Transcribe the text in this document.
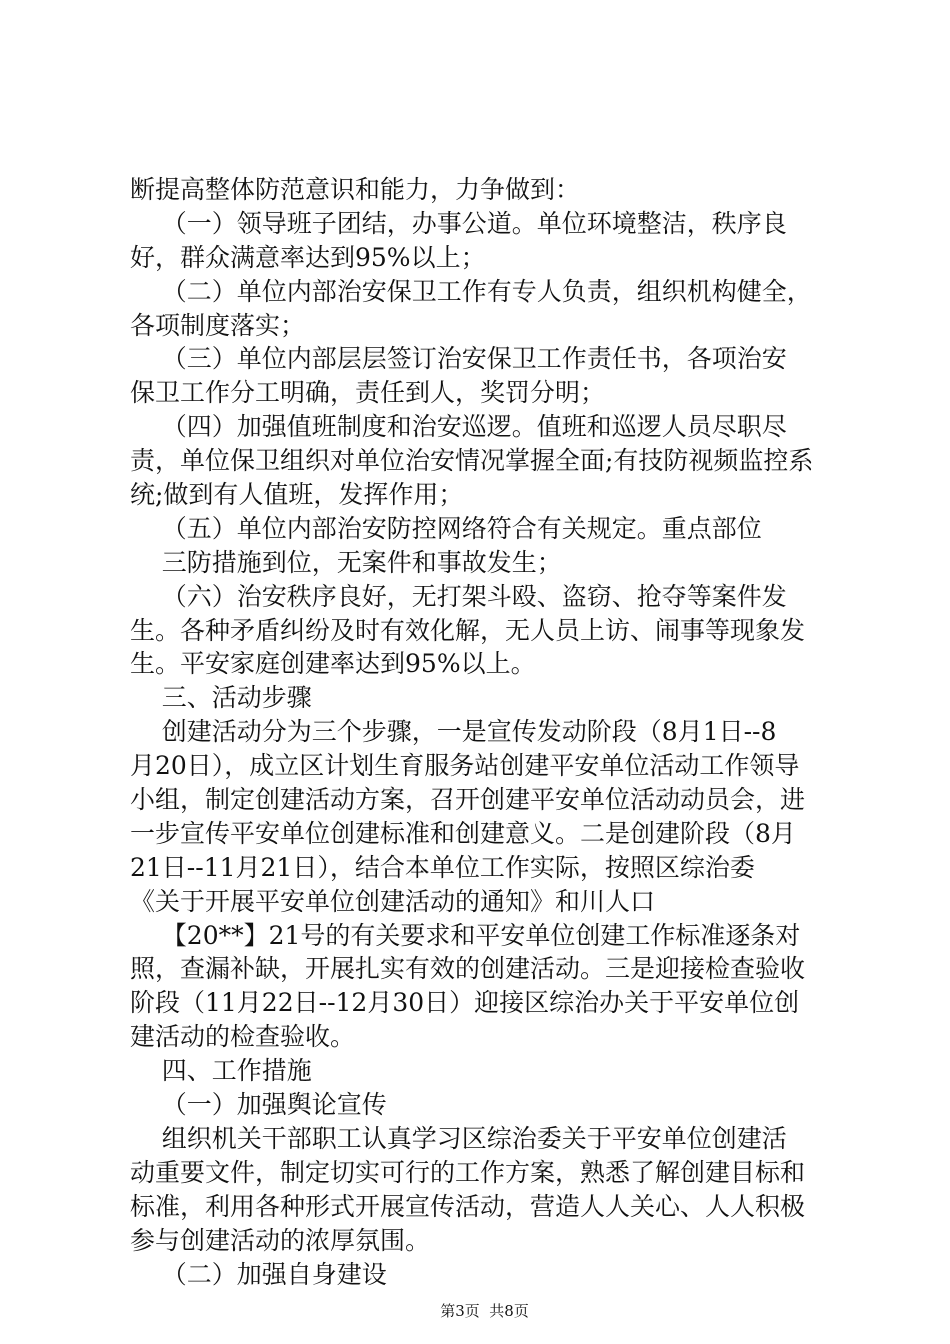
断提高整体防范意识和能力，力争做到：
（一）领导班子团结，办事公道。单位环境整洁，秩序良
好，群众满意率达到95%以上；
（二）单位内部治安保卫工作有专人负责，组织机构健全，
各项制度落实；
（三）单位内部层层签订治安保卫工作责任书，各项治安
保卫工作分工明确，责任到人，奖罚分明；
（四）加强值班制度和治安巡逻。值班和巡逻人员尽职尽
责，单位保卫组织对单位治安情况掌握全面;有技防视频监控系
统;做到有人值班，发挥作用；
（五）单位内部治安防控网络符合有关规定。重点部位
三防措施到位，无案件和事故发生；
（六）治安秩序良好，无打架斗殴、盗窃、抢夺等案件发
生。各种矛盾纠纷及时有效化解，无人员上访、闹事等现象发
生。平安家庭创建率达到95%以上。
三、活动步骤
创建活动分为三个步骤，一是宣传发动阶段（8月1日--8
月20日），成立区计划生育服务站创建平安单位活动工作领导
小组，制定创建活动方案，召开创建平安单位活动动员会，进
一步宣传平安单位创建标准和创建意义。二是创建阶段（8月
21日--11月21日），结合本单位工作实际，按照区综治委
《关于开展平安单位创建活动的通知》和川人口
【20**】21号的有关要求和平安单位创建工作标准逐条对
照，查漏补缺，开展扎实有效的创建活动。三是迎接检查验收
阶段（11月22日--12月30日）迎接区综治办关于平安单位创
建活动的检查验收。
四、工作措施
（一）加强舆论宣传
组织机关干部职工认真学习区综治委关于平安单位创建活
动重要文件，制定切实可行的工作方案，熟悉了解创建目标和
标准，利用各种形式开展宣传活动，营造人人关心、人人积极
参与创建活动的浓厚氛围。
（二）加强自身建设

第3页  共8页
